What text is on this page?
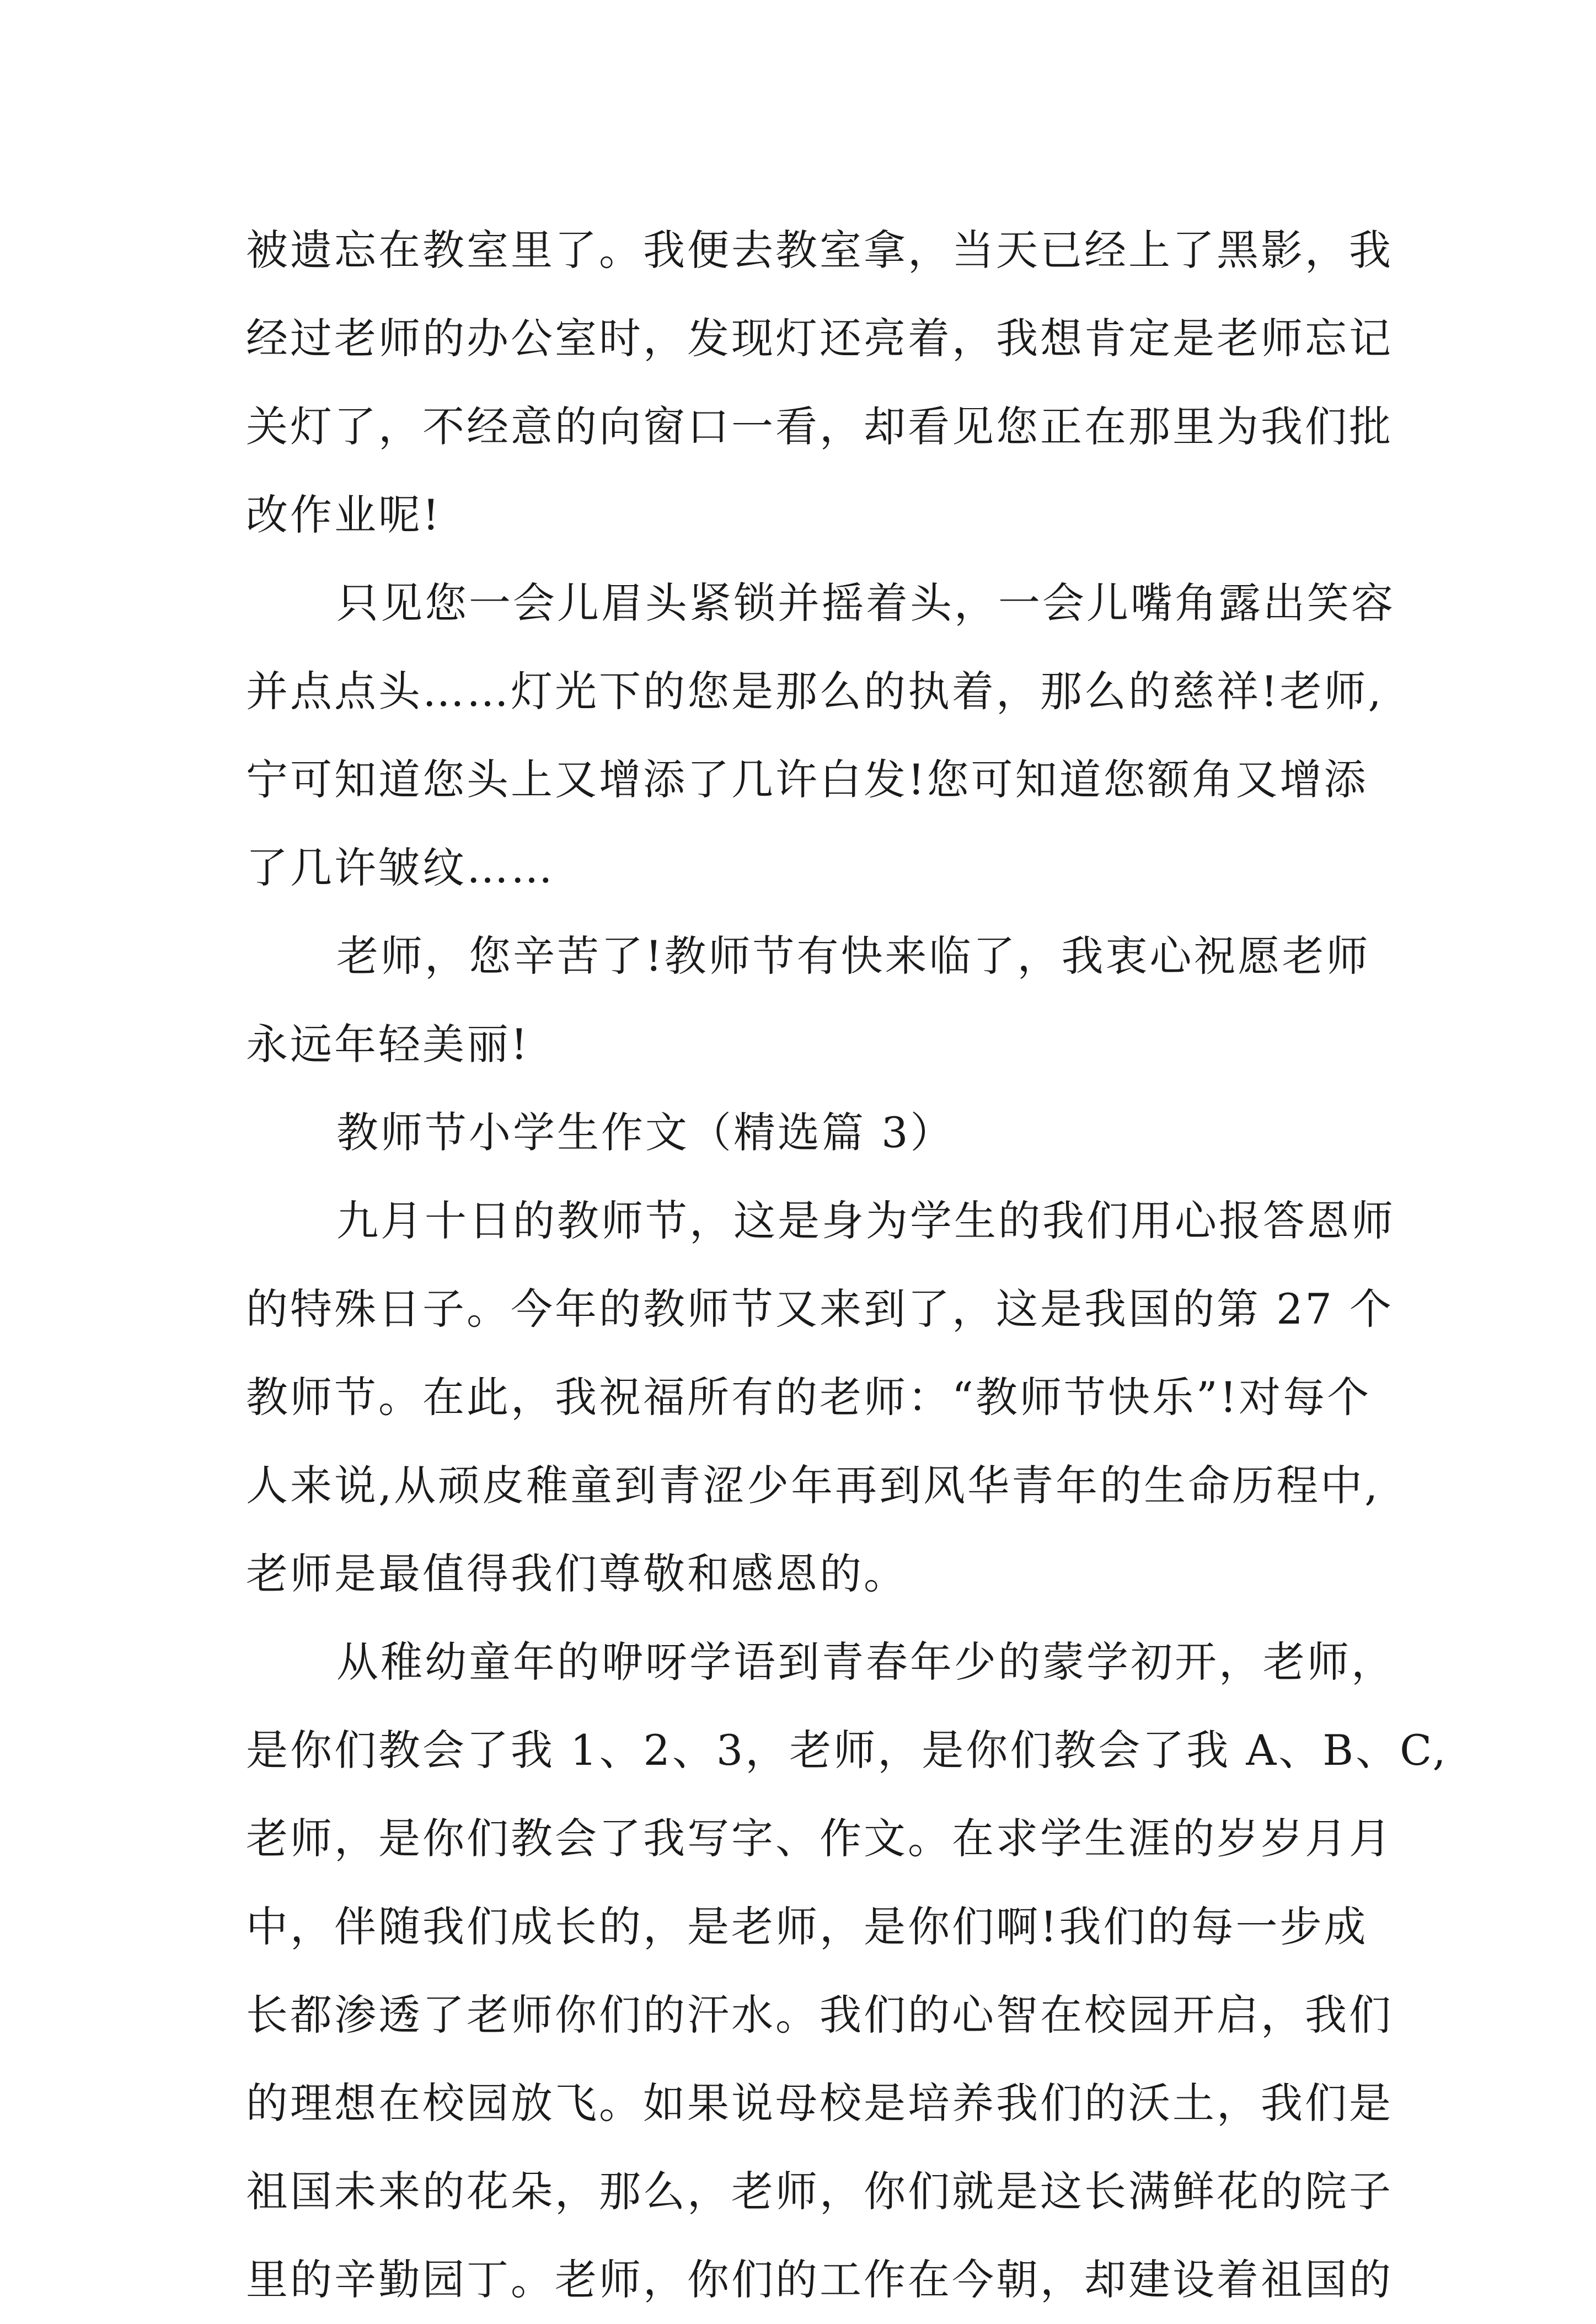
被遗忘在教室里了。我便去教室拿，当天已经上了黑影，我
经过老师的办公室时，发现灯还亮着，我想肯定是老师忘记
关灯了，不经意的向窗口一看，却看见您正在那里为我们批
改作业呢!
只见您一会儿眉头紧锁并摇着头，一会儿嘴角露出笑容
并点点头……灯光下的您是那么的执着，那么的慈祥!老师,
宁可知道您头上又增添了几许白发!您可知道您额角又增添
了几许皱纹……
老师，您辛苦了!教师节有快来临了，我衷心祝愿老师
永远年轻美丽!
教师节小学生作文（精选篇 3）
九月十日的教师节，这是身为学生的我们用心报答恩师
的特殊日子。今年的教师节又来到了，这是我国的第 27 个
教师节。在此，我祝福所有的老师：“教师节快乐”!对每个
人来说,从顽皮稚童到青涩少年再到风华青年的生命历程中,
老师是最值得我们尊敬和感恩的。
从稚幼童年的咿呀学语到青春年少的蒙学初开，老师，
是你们教会了我 1、2、3，老师，是你们教会了我 A、B、C,
老师，是你们教会了我写字、作文。在求学生涯的岁岁月月
中，伴随我们成长的，是老师，是你们啊!我们的每一步成
长都渗透了老师你们的汗水。我们的心智在校园开启，我们
的理想在校园放飞。如果说母校是培养我们的沃土，我们是
祖国未来的花朵，那么，老师，你们就是这长满鲜花的院子
里的辛勤园丁。老师，你们的工作在今朝，却建设着祖国的
